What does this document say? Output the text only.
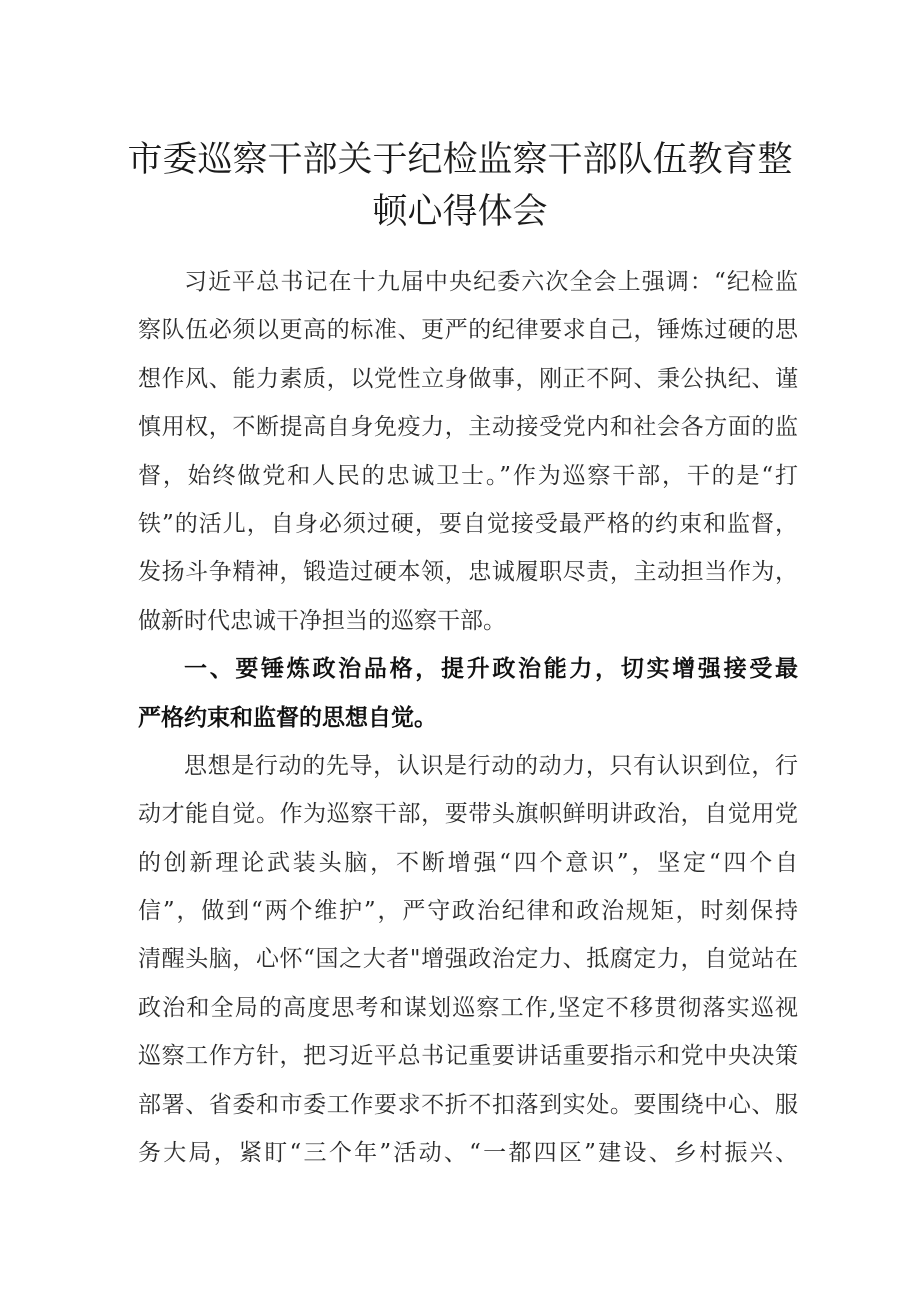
市委巡察干部关于纪检监察干部队伍教育整
顿心得体会
习近平总书记在十九届中央纪委六次全会上强调：“纪检监
察队伍必须以更高的标准、更严的纪律要求自己，锤炼过硬的思
想作风、能力素质，以党性立身做事，刚正不阿、秉公执纪、谨
慎用权，不断提高自身免疫力，主动接受党内和社会各方面的监
督，始终做党和人民的忠诚卫士。”作为巡察干部，干的是“打
铁”的活儿，自身必须过硬，要自觉接受最严格的约束和监督，
发扬斗争精神，锻造过硬本领，忠诚履职尽责，主动担当作为，
做新时代忠诚干净担当的巡察干部。
一、要锤炼政治品格，提升政治能力，切实增强接受最
严格约束和监督的思想自觉。
思想是行动的先导，认识是行动的动力，只有认识到位，行
动才能自觉。作为巡察干部，要带头旗帜鲜明讲政治，自觉用党
的创新理论武装头脑，不断增强“四个意识”，坚定“四个自
信”，做到“两个维护”，严守政治纪律和政治规矩，时刻保持
清醒头脑，心怀“国之大者"增强政治定力、抵腐定力，自觉站在
政治和全局的高度思考和谋划巡察工作,坚定不移贯彻落实巡视
巡察工作方针，把习近平总书记重要讲话重要指示和党中央决策
部署、省委和市委工作要求不折不扣落到实处。要围绕中心、服
务大局，紧盯“三个年”活动、“一都四区”建设、乡村振兴、
